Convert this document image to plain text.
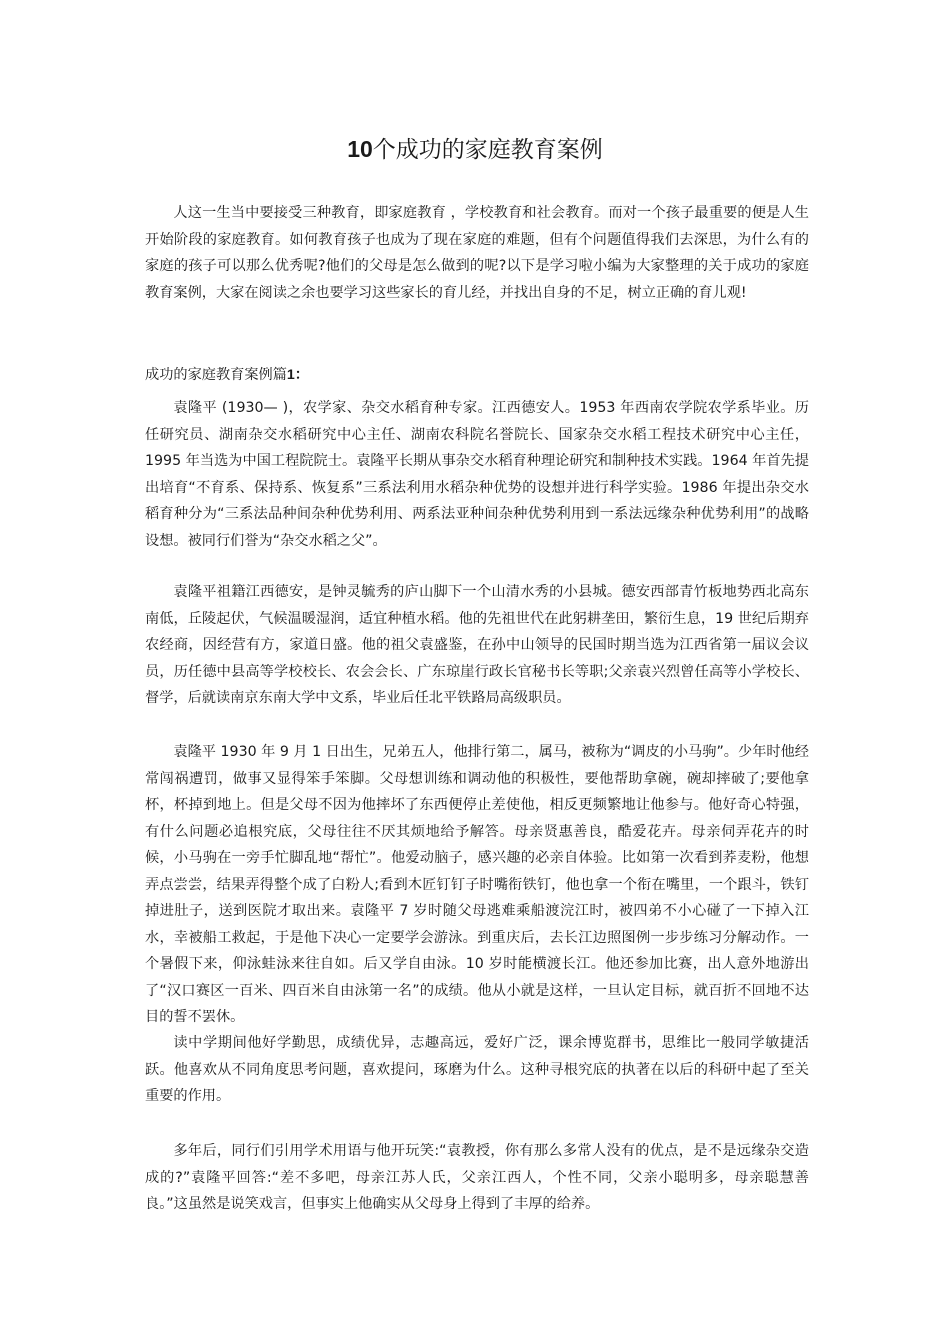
10个成功的家庭教育案例

人这一生当中要接受三种教育，即家庭教育 ，学校教育和社会教育。而对一个孩子最重要的便是人生开始阶段的家庭教育。如何教育孩子也成为了现在家庭的难题，但有个问题值得我们去深思，为什么有的家庭的孩子可以那么优秀呢?他们的父母是怎么做到的呢?以下是学习啦小编为大家整理的关于成功的家庭教育案例，大家在阅读之余也要学习这些家长的育儿经，并找出自身的不足，树立正确的育儿观!

成功的家庭教育案例篇1：

袁隆平 (1930— )，农学家、杂交水稻育种专家。江西德安人。1953 年西南农学院农学系毕业。历任研究员、湖南杂交水稻研究中心主任、湖南农科院名誉院长、国家杂交水稻工程技术研究中心主任，1995 年当选为中国工程院院士。袁隆平长期从事杂交水稻育种理论研究和制种技术实践。1964 年首先提出培育“不育系、保持系、恢复系”三系法利用水稻杂种优势的设想并进行科学实验。1986 年提出杂交水稻育种分为“三系法品种间杂种优势利用、两系法亚种间杂种优势利用到一系法远缘杂种优势利用”的战略设想。被同行们誉为“杂交水稻之父”。

袁隆平祖籍江西德安，是钟灵毓秀的庐山脚下一个山清水秀的小县城。德安西部青竹板地势西北高东南低，丘陵起伏，气候温暖湿润，适宜种植水稻。他的先祖世代在此躬耕垄田，繁衍生息，19 世纪后期弃农经商，因经营有方，家道日盛。他的祖父袁盛鉴，在孙中山领导的民国时期当选为江西省第一届议会议员，历任德中县高等学校校长、农会会长、广东琼崖行政长官秘书长等职;父亲袁兴烈曾任高等小学校长、督学，后就读南京东南大学中文系，毕业后任北平铁路局高级职员。

袁隆平 1930 年 9 月 1 日出生，兄弟五人，他排行第二，属马，被称为“调皮的小马驹”。少年时他经常闯祸遭罚，做事又显得笨手笨脚。父母想训练和调动他的积极性，要他帮助拿碗，碗却摔破了;要他拿杯，杯掉到地上。但是父母不因为他摔坏了东西便停止差使他，相反更频繁地让他参与。他好奇心特强，有什么问题必追根究底，父母往往不厌其烦地给予解答。母亲贤惠善良，酷爱花卉。母亲伺弄花卉的时候，小马驹在一旁手忙脚乱地“帮忙”。他爱动脑子，感兴趣的必亲自体验。比如第一次看到荞麦粉，他想弄点尝尝，结果弄得整个成了白粉人;看到木匠钉钉子时嘴衔铁钉，他也拿一个衔在嘴里，一个跟斗，铁钉掉进肚子，送到医院才取出来。袁隆平 7 岁时随父母逃难乘船渡浣江时，被四弟不小心碰了一下掉入江水，幸被船工救起，于是他下决心一定要学会游泳。到重庆后，去长江边照图例一步步练习分解动作。一个暑假下来，仰泳蛙泳来往自如。后又学自由泳。10 岁时能横渡长江。他还参加比赛，出人意外地游出了“汉口赛区一百米、四百米自由泳第一名”的成绩。他从小就是这样，一旦认定目标，就百折不回地不达目的誓不罢休。

读中学期间他好学勤思，成绩优异，志趣高远，爱好广泛，课余博览群书，思维比一般同学敏捷活跃。他喜欢从不同角度思考问题，喜欢提问，琢磨为什么。这种寻根究底的执著在以后的科研中起了至关重要的作用。

多年后，同行们引用学术用语与他开玩笑:“袁教授，你有那么多常人没有的优点，是不是远缘杂交造成的?”袁隆平回答:“差不多吧，母亲江苏人氏，父亲江西人，个性不同，父亲小聪明多，母亲聪慧善良。”这虽然是说笑戏言，但事实上他确实从父母身上得到了丰厚的给养。
